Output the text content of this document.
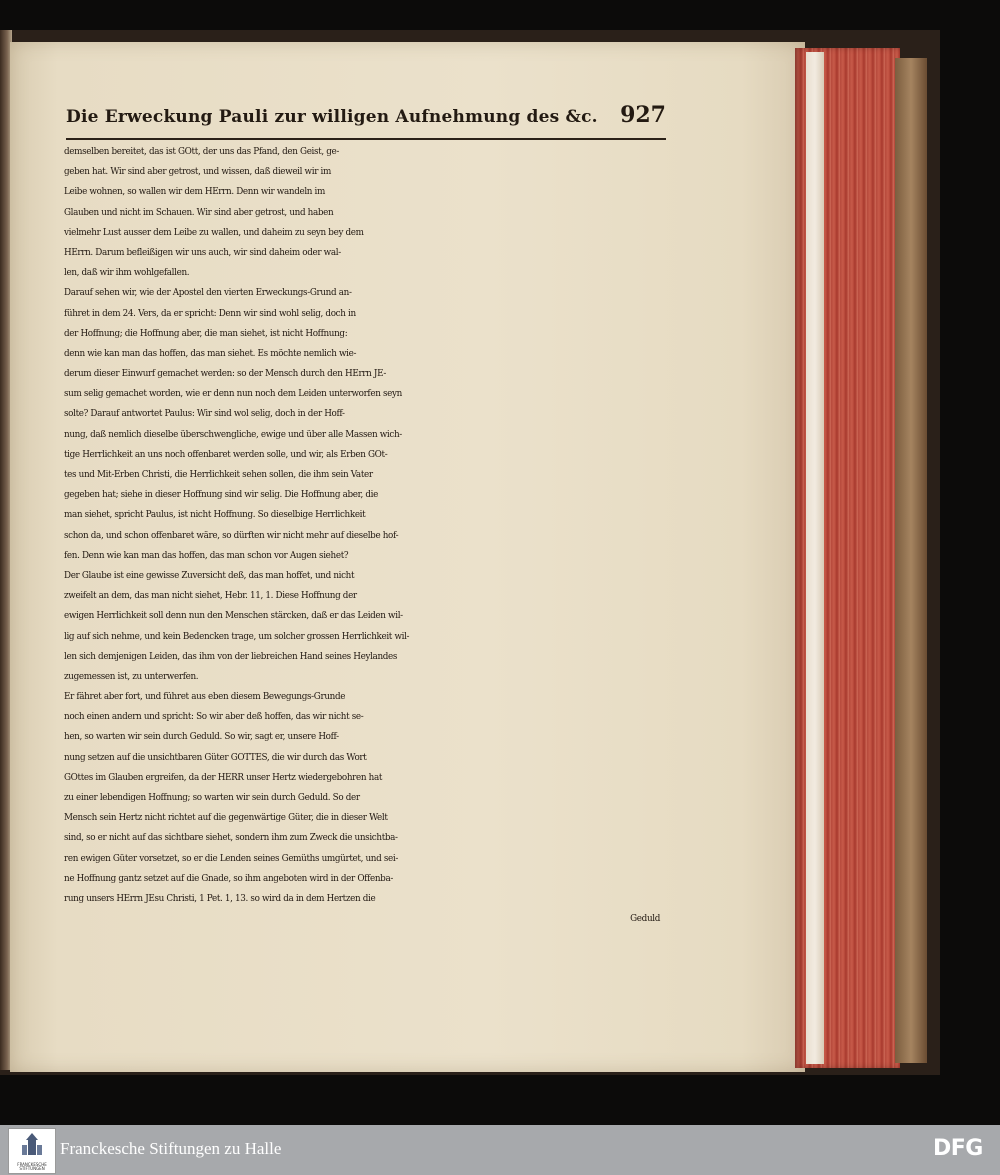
Die Erweckung Pauli zur willigen Aufnehmung des &c. 927
demselben bereitet, das ist GOtt, der uns das Pfand, den Geist, ge-
geben hat. Wir sind aber getrost, und wissen, daß dieweil wir im
Leibe wohnen, so wallen wir dem HErrn. Denn wir wandeln im
Glauben und nicht im Schauen. Wir sind aber getrost, und haben
vielmehr Lust ausser dem Leibe zu wallen, und daheim zu seyn bey dem
HErrn. Darum befleißigen wir uns auch, wir sind daheim oder wal-
len, daß wir ihm wohlgefallen.
Darauf sehen wir, wie der Apostel den vierten Erweckungs-Grund an-
führet in dem 24. Vers, da er spricht: Denn wir sind wohl selig, doch in
der Hoffnung; die Hoffnung aber, die man siehet, ist nicht Hoffnung:
denn wie kan man das hoffen, das man siehet. Es möchte nemlich wie-
derum dieser Einwurf gemachet werden: so der Mensch durch den HErrn JE-
sum selig gemachet worden, wie er denn nun noch dem Leiden unterworfen seyn
solte? Darauf antwortet Paulus: Wir sind wol selig, doch in der Hoff-
nung, daß nemlich dieselbe überschwengliche, ewige und über alle Massen wich-
tige Herrlichkeit an uns noch offenbaret werden solle, und wir, als Erben GOt-
tes und Mit-Erben Christi, die Herrlichkeit sehen sollen, die ihm sein Vater
gegeben hat; siehe in dieser Hoffnung sind wir selig. Die Hoffnung aber, die
man siehet, spricht Paulus, ist nicht Hoffnung. So dieselbige Herrlichkeit
schon da, und schon offenbaret wäre, so dürften wir nicht mehr auf dieselbe hof-
fen. Denn wie kan man das hoffen, das man schon vor Augen siehet?
Der Glaube ist eine gewisse Zuversicht deß, das man hoffet, und nicht
zweifelt an dem, das man nicht siehet, Hebr. 11, 1. Diese Hoffnung der
ewigen Herrlichkeit soll denn nun den Menschen stärcken, daß er das Leiden wil-
lig auf sich nehme, und kein Bedencken trage, um solcher grossen Herrlichkeit wil-
len sich demjenigen Leiden, das ihm von der liebreichen Hand seines Heylandes
zugemessen ist, zu unterwerfen.
Er fähret aber fort, und führet aus eben diesem Bewegungs-Grunde
noch einen andern und spricht: So wir aber deß hoffen, das wir nicht se-
hen, so warten wir sein durch Geduld. So wir, sagt er, unsere Hoff-
nung setzen auf die unsichtbaren Güter GOTTES, die wir durch das Wort
GOttes im Glauben ergreifen, da der HERR unser Hertz wiedergebohren hat
zu einer lebendigen Hoffnung; so warten wir sein durch Geduld. So der
Mensch sein Hertz nicht richtet auf die gegenwärtige Güter, die in dieser Welt
sind, so er nicht auf das sichtbare siehet, sondern ihm zum Zweck die unsichtba-
ren ewigen Güter vorsetzet, so er die Lenden seines Gemüths umgürtet, und sei-
ne Hoffnung gantz setzet auf die Gnade, so ihm angeboten wird in der Offenba-
rung unsers HErrn JEsu Christi, 1 Pet. 1, 13. so wird da in dem Hertzen die
Geduld
FRANCKESCHE STIFTUNGEN
Franckesche Stiftungen zu Halle	DFG
